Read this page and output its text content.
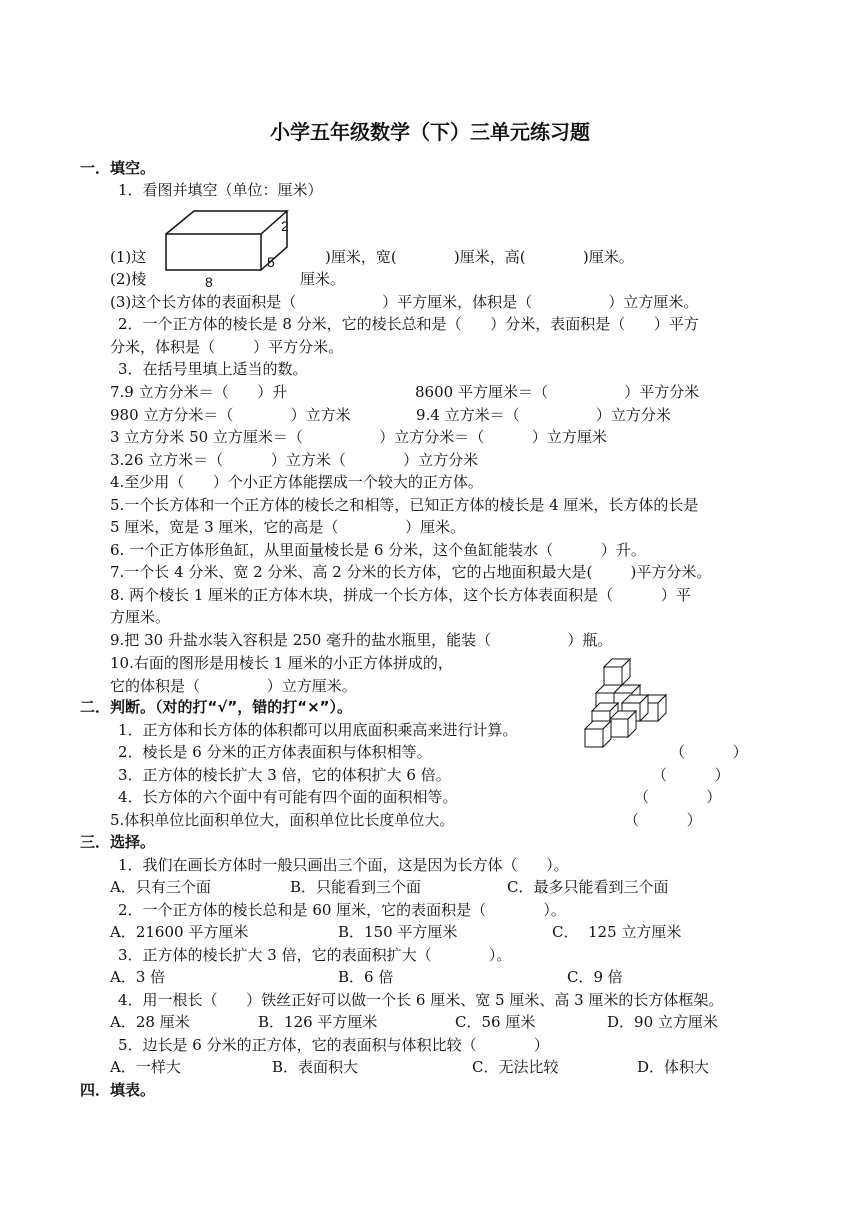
小学五年级数学（下）三单元练习题
一．填空。
1．看图并填空（单位：厘米）
2
5
8
(1)这	)厘米，宽(            )厘米，高(            )厘米。
(2)棱	厘米。
(3)这个长方体的表面积是（                  ）平方厘米，体积是（                ）立方厘米。
2．一个正方体的棱长是 8 分米，它的棱长总和是（      ）分米，表面积是（      ）平方
分米，体积是（        ）平方分米。
3．在括号里填上适当的数。
7.9 立方分米＝（      ）升	8600 平方厘米＝（                ）平方分米
980 立方分米＝（            ）立方米	9.4 立方米＝（                ）立方分米
3 立方分米 50 立方厘米＝（                ）立方分米＝（          ）立方厘米
3.26 立方米＝（          ）立方米（            ）立方分米
4.至少用（      ）个小正方体能摆成一个较大的正方体。
5.一个长方体和一个正方体的棱长之和相等，已知正方体的棱长是 4 厘米，长方体的长是
5 厘米，宽是 3 厘米，它的高是（              ）厘米。
6. 一个正方体形鱼缸，从里面量棱长是 6 分米，这个鱼缸能装水（          ）升。
7.一个长 4 分米、宽 2 分米、高 2 分米的长方体，它的占地面积最大是(        )平方分米。
8. 两个棱长 1 厘米的正方体木块，拼成一个长方体，这个长方体表面积是（          ）平
方厘米。
9.把 30 升盐水装入容积是 250 毫升的盐水瓶里，能装（                ）瓶。
10.右面的图形是用棱长 1 厘米的小正方体拼成的，
它的体积是（              ）立方厘米。
二．判断。（对的打“√”，错的打“×”）。
1．正方体和长方体的体积都可以用底面积乘高来进行计算。
2．棱长是 6 分米的正方体表面积与体积相等。	（          ）
3．正方体的棱长扩大 3 倍，它的体积扩大 6 倍。	（          ）
4．长方体的六个面中有可能有四个面的面积相等。	（            ）
5.体积单位比面积单位大，面积单位比长度单位大。	（          ）
三．选择。
1．我们在画长方体时一般只画出三个面，这是因为长方体（      ）。
A．只有三个面	B．只能看到三个面	C．最多只能看到三个面
2．一个正方体的棱长总和是 60 厘米，它的表面积是（            ）。
A．21600 平方厘米	B．150 平方厘米	C．  125 立方厘米
3．正方体的棱长扩大 3 倍，它的表面积扩大（            ）。
A．3 倍	B．6 倍	C．9 倍
4．用一根长（      ）铁丝正好可以做一个长 6 厘米、宽 5 厘米、高 3 厘米的长方体框架。
A．28 厘米	B．126 平方厘米	C．56 厘米	D．90 立方厘米
5．边长是 6 分米的正方体，它的表面积与体积比较（            ）
A．一样大	B．表面积大	C．无法比较	D．体积大
四．填表。
